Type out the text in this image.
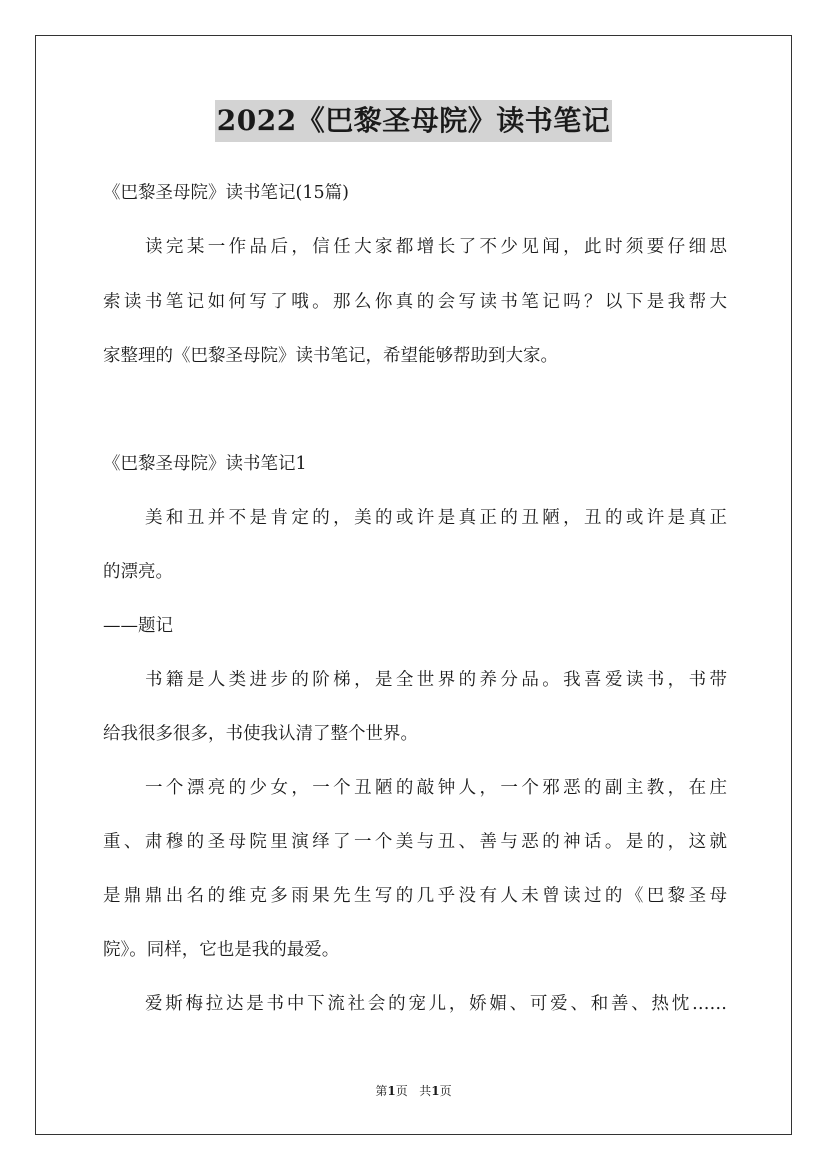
2022《巴黎圣母院》读书笔记

《巴黎圣母院》读书笔记(15篇)

读完某一作品后，信任大家都增长了不少见闻，此时须要仔细思

索读书笔记如何写了哦。那么你真的会写读书笔记吗？以下是我帮大

家整理的《巴黎圣母院》读书笔记，希望能够帮助到大家。

《巴黎圣母院》读书笔记1

美和丑并不是肯定的，美的或许是真正的丑陋，丑的或许是真正

的漂亮。

——题记

书籍是人类进步的阶梯，是全世界的养分品。我喜爱读书，书带

给我很多很多，书使我认清了整个世界。

一个漂亮的少女，一个丑陋的敲钟人，一个邪恶的副主教，在庄

重、肃穆的圣母院里演绎了一个美与丑、善与恶的神话。是的，这就

是鼎鼎出名的维克多雨果先生写的几乎没有人未曾读过的《巴黎圣母

院》。同样，它也是我的最爱。

爱斯梅拉达是书中下流社会的宠儿，娇媚、可爱、和善、热忱……

第1页 共1页
